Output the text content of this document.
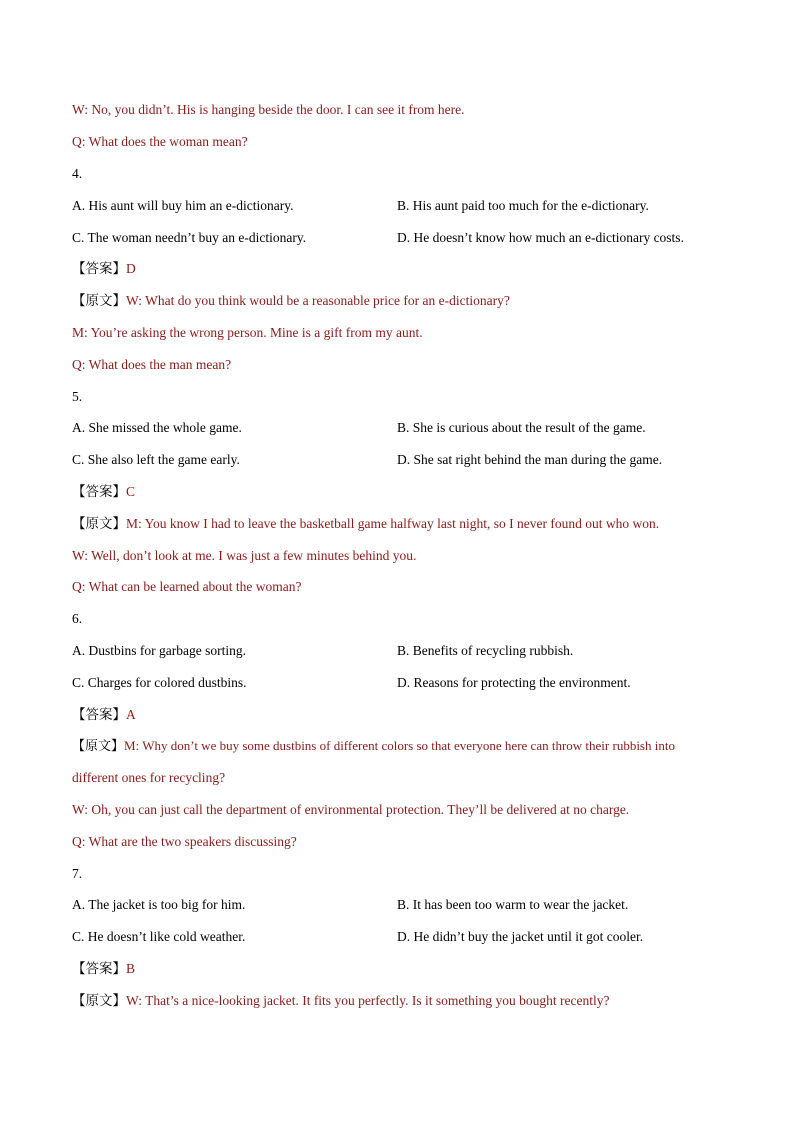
W: No, you didn’t. His is hanging beside the door. I can see it from here.
Q: What does the woman mean?
4.
A. His aunt will buy him an e-dictionary.	B. His aunt paid too much for the e-dictionary.
C. The woman needn’t buy an e-dictionary.	D. He doesn’t know how much an e-dictionary costs.
【答案】D
【原文】W: What do you think would be a reasonable price for an e-dictionary?
M: You’re asking the wrong person. Mine is a gift from my aunt.
Q: What does the man mean?
5.
A. She missed the whole game.	B. She is curious about the result of the game.
C. She also left the game early.	D. She sat right behind the man during the game.
【答案】C
【原文】M: You know I had to leave the basketball game halfway last night, so I never found out who won.
W: Well, don’t look at me. I was just a few minutes behind you.
Q: What can be learned about the woman?
6.
A. Dustbins for garbage sorting.	B. Benefits of recycling rubbish.
C. Charges for colored dustbins.	D. Reasons for protecting the environment.
【答案】A
【原文】M: Why don’t we buy some dustbins of different colors so that everyone here can throw their rubbish into
different ones for recycling?
W: Oh, you can just call the department of environmental protection. They’ll be delivered at no charge.
Q: What are the two speakers discussing?
7.
A. The jacket is too big for him.	B. It has been too warm to wear the jacket.
C. He doesn’t like cold weather.	D. He didn’t buy the jacket until it got cooler.
【答案】B
【原文】W: That’s a nice-looking jacket. It fits you perfectly. Is it something you bought recently?
